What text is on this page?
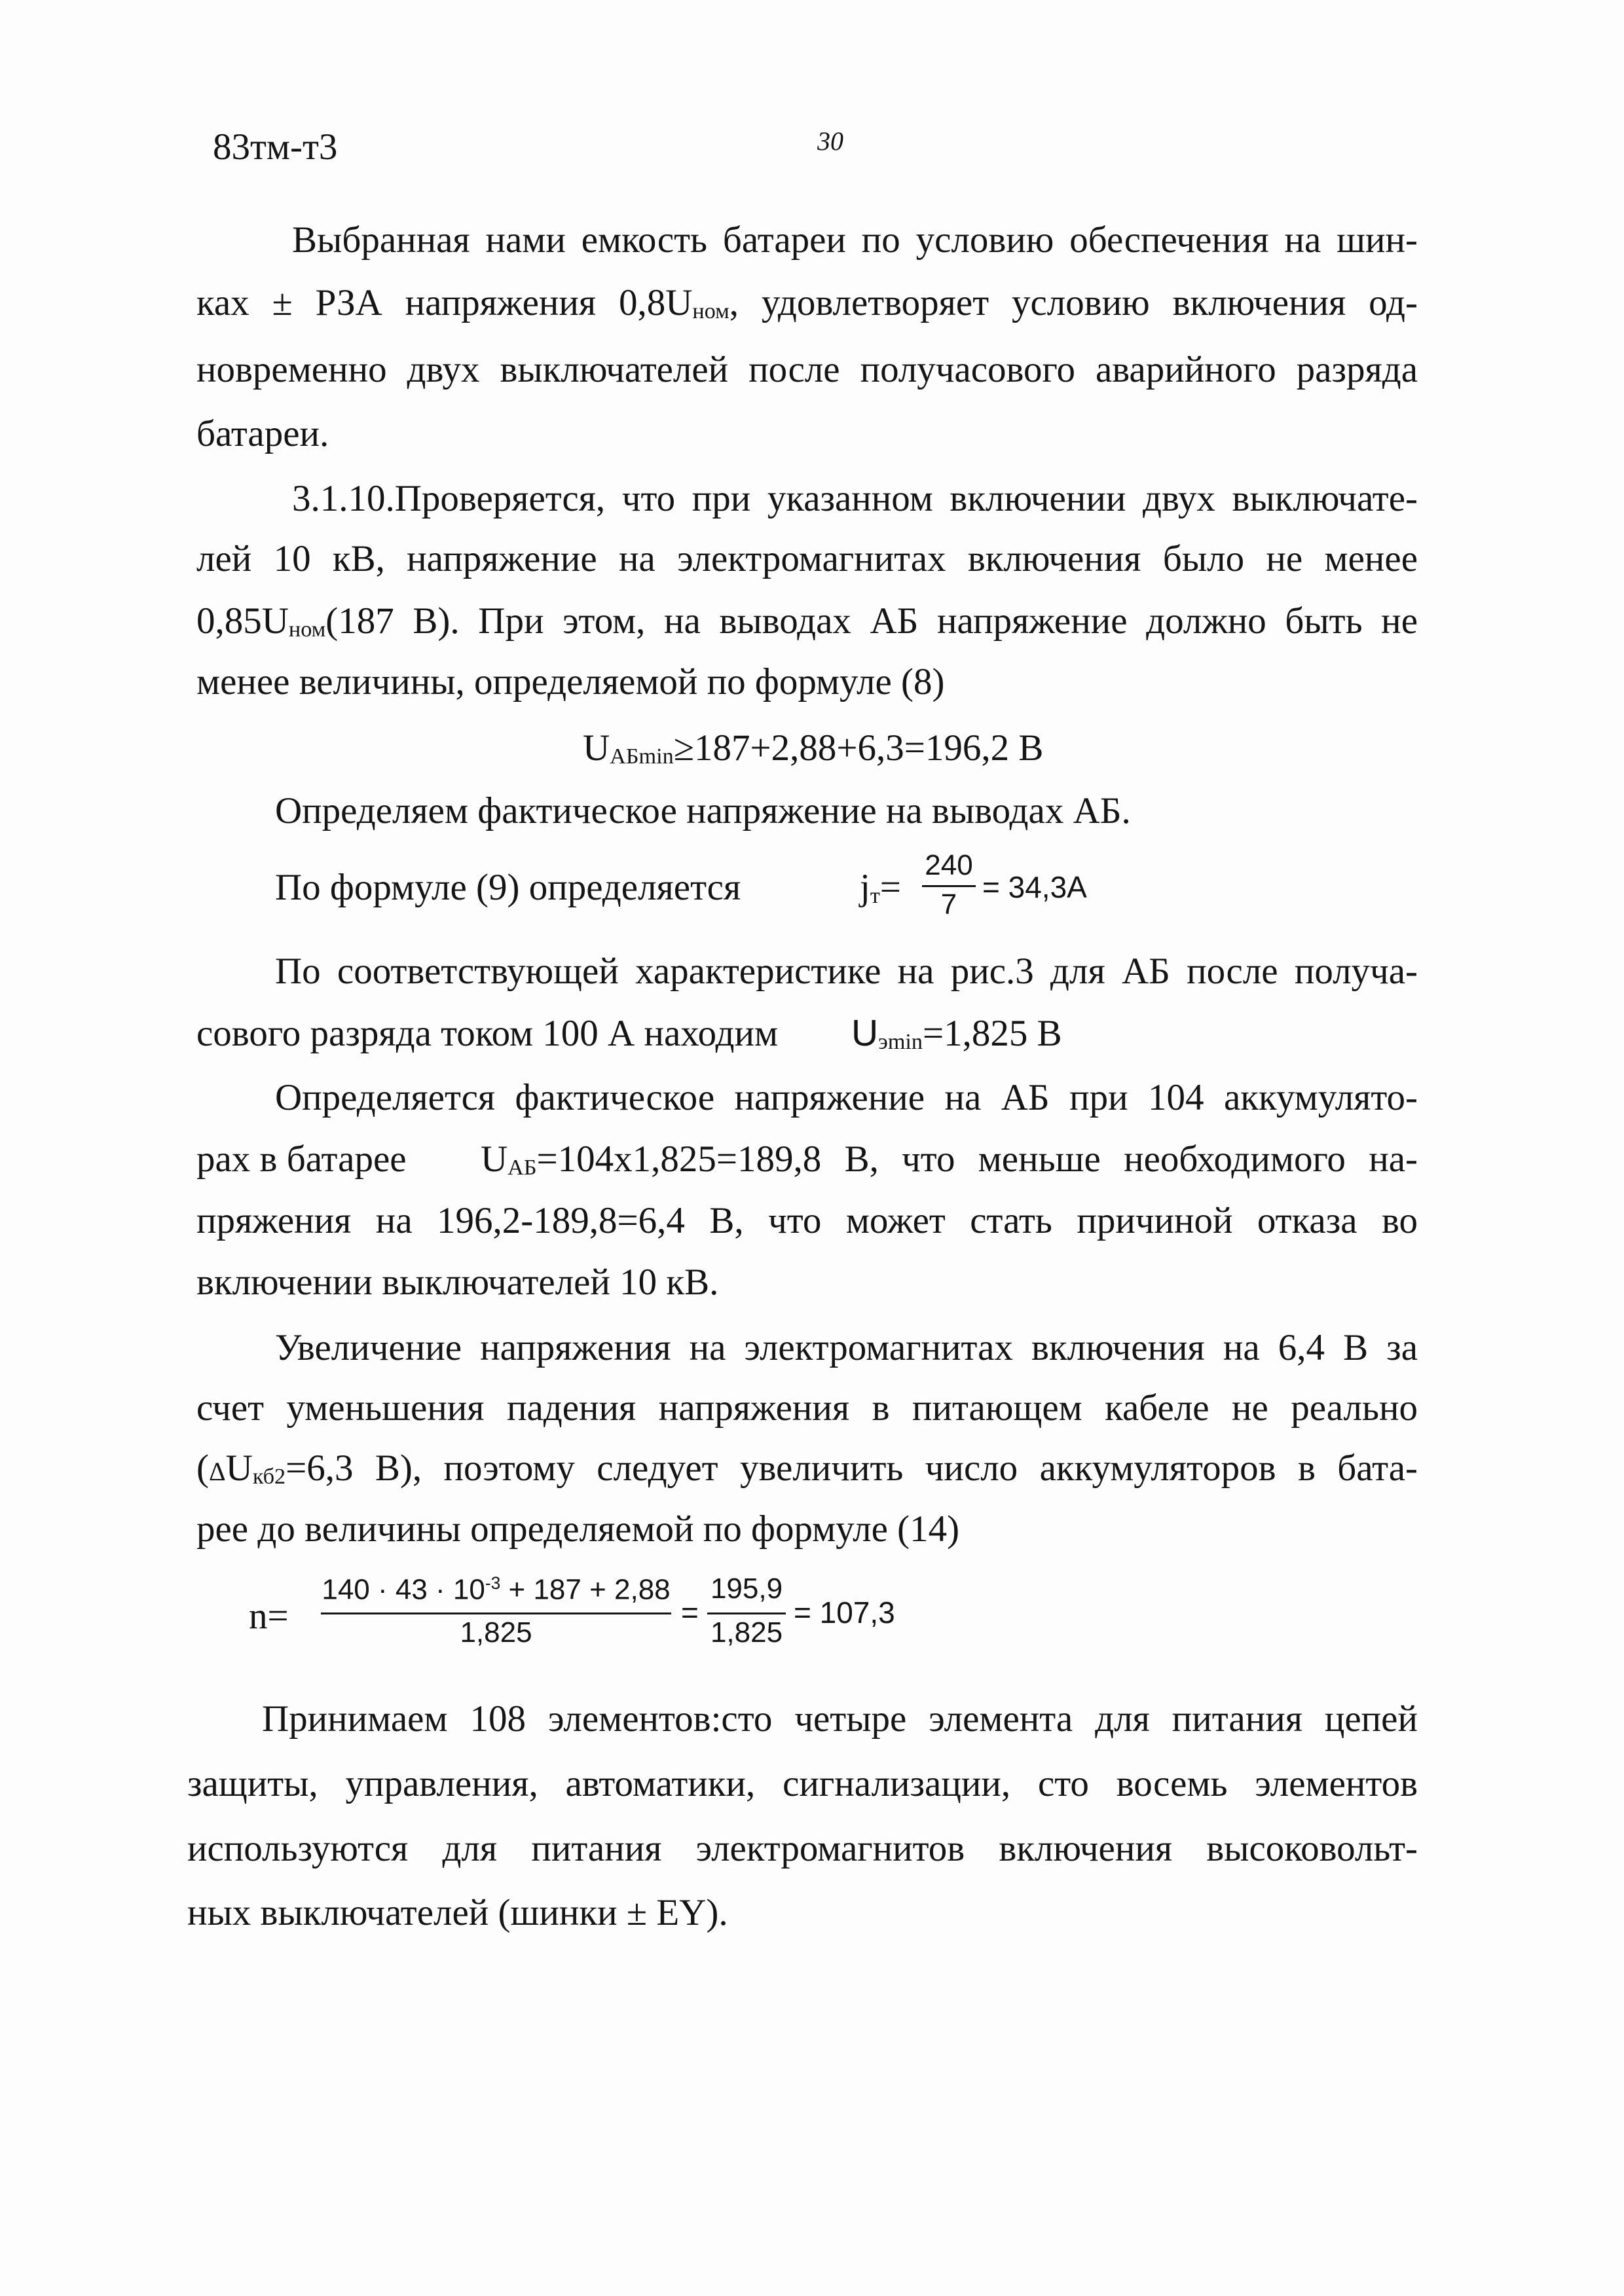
83тм-т3	30
Выбранная нами емкость батареи по условию обеспечения на шин-
ках ± РЗА напряжения 0,8Uном, удовлетворяет условию включения од-
новременно двух выключателей после получасового аварийного разряда
батареи.
3.1.10.Проверяется, что при указанном включении двух выключате-
лей 10 кВ, напряжение на электромагнитах включения было не менее
0,85Uном(187 В). При этом, на выводах АБ напряжение должно быть не
менее величины, определяемой по формуле (8)
UАБmin≥187+2,88+6,3=196,2 В
Определяем фактическое напряжение на выводах АБ.
По формуле (9) определяется	jт=
240
7
= 34,3А
По соответствующей характеристике на рис.3 для АБ после получа-
сового разряда током 100 А находим Uэmin=1,825 В
Определяется фактическое напряжение на АБ при 104 аккумулято-
рах в батарее UАБ=104х1,825=189,8 В, что меньше необходимого на-
пряжения на 196,2-189,8=6,4 В, что может стать причиной отказа во
включении выключателей 10 кВ.
Увеличение напряжения на электромагнитах включения на 6,4 В за
счет уменьшения падения напряжения в питающем кабеле не реально
(ΔUкб2=6,3 В), поэтому следует увеличить число аккумуляторов в бата-
рее до величины определяемой по формуле (14)
n=
$140 \cdot 43 \cdot 10^{-3} + 187 + 2,88$
1,825
=
195,9
1,825
= 107,3
Принимаем 108 элементов:сто четыре элемента для питания цепей
защиты, управления, автоматики, сигнализации, сто восемь элементов
используются для питания электромагнитов включения высоковольт-
ных выключателей (шинки ± EY).
